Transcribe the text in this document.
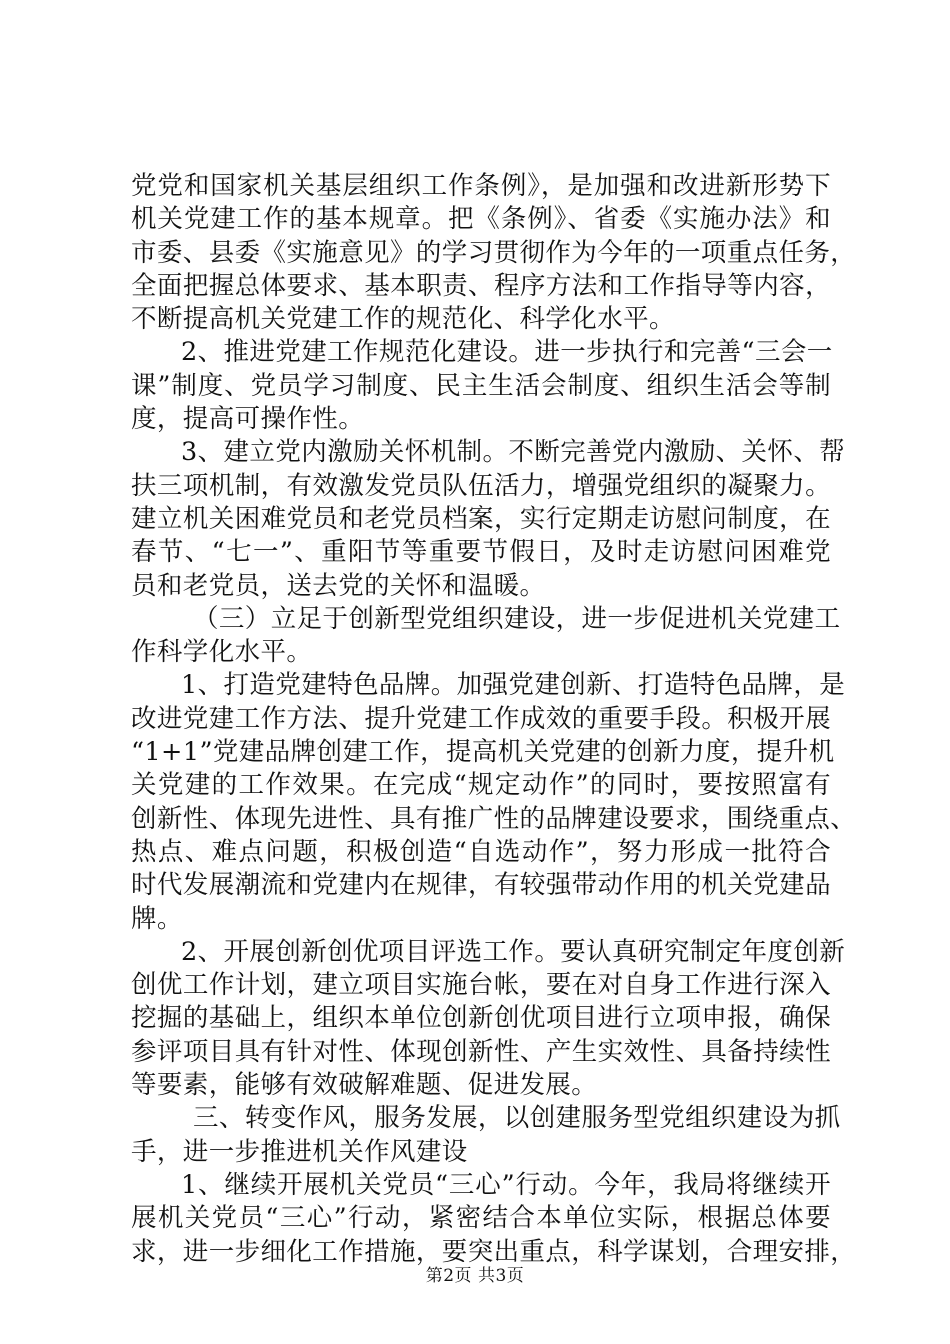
党党和国家机关基层组织工作条例》，是加强和改进新形势下
机关党建工作的基本规章。把《条例》、省委《实施办法》和
市委、县委《实施意见》的学习贯彻作为今年的一项重点任务，
全面把握总体要求、基本职责、程序方法和工作指导等内容，
不断提高机关党建工作的规范化、科学化水平。
2、推进党建工作规范化建设。进一步执行和完善“三会一
课”制度、党员学习制度、民主生活会制度、组织生活会等制
度，提高可操作性。
3、建立党内激励关怀机制。不断完善党内激励、关怀、帮
扶三项机制，有效激发党员队伍活力，增强党组织的凝聚力。
建立机关困难党员和老党员档案，实行定期走访慰问制度，在
春节、“七一”、重阳节等重要节假日，及时走访慰问困难党
员和老党员，送去党的关怀和温暖。
（三）立足于创新型党组织建设，进一步促进机关党建工
作科学化水平。
1、打造党建特色品牌。加强党建创新、打造特色品牌，是
改进党建工作方法、提升党建工作成效的重要手段。积极开展
“1+1”党建品牌创建工作，提高机关党建的创新力度，提升机
关党建的工作效果。在完成“规定动作”的同时，要按照富有
创新性、体现先进性、具有推广性的品牌建设要求，围绕重点、
热点、难点问题，积极创造“自选动作”，努力形成一批符合
时代发展潮流和党建内在规律，有较强带动作用的机关党建品
牌。
2、开展创新创优项目评选工作。要认真研究制定年度创新
创优工作计划，建立项目实施台帐，要在对自身工作进行深入
挖掘的基础上，组织本单位创新创优项目进行立项申报，确保
参评项目具有针对性、体现创新性、产生实效性、具备持续性
等要素，能够有效破解难题、促进发展。
三、转变作风，服务发展，以创建服务型党组织建设为抓
手，进一步推进机关作风建设
1、继续开展机关党员“三心”行动。今年，我局将继续开
展机关党员“三心”行动，紧密结合本单位实际，根据总体要
求，进一步细化工作措施，要突出重点，科学谋划，合理安排，
第2页 共3页
